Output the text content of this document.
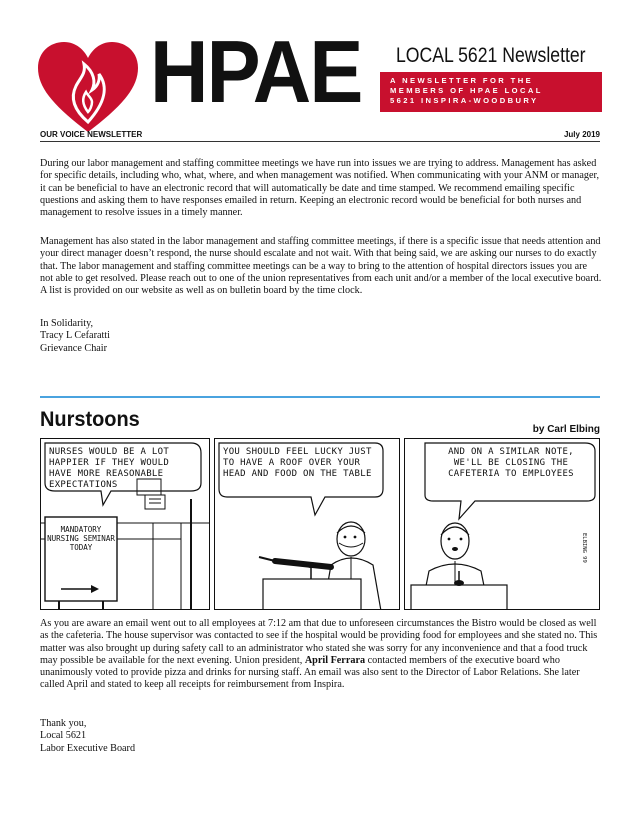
HPAE LOCAL 5621 Newsletter
A NEWSLETTER FOR THE
MEMBERS OF HPAE LOCAL
5621 INSPIRA-WOODBURY
OUR VOICE NEWSLETTER	July 2019

During our labor management and staffing committee meetings we have run into issues we are trying to address. Management has asked for specific details, including who, what, where, and when management was notified. When communicating with your ANM or manager, it can be beneficial to have an electronic record that will automatically be date and time stamped. We recommend emailing specific questions and asking them to have responses emailed in return. Keeping an electronic record would be beneficial for both nurses and management to resolve issues in a timely manner.

Management has also stated in the labor management and staffing committee meetings, if there is a specific issue that needs attention and your direct manager doesn’t respond, the nurse should escalate and not wait. With that being said, we are asking our nurses to do exactly that. The labor management and staffing committee meetings can be a way to bring to the attention of hospital directors issues you are not able to get resolved. Please reach out to one of the union representatives from each unit and/or a member of the local executive board. A list is provided on our website as well as on bulletin board by the time clock.

In Solidarity,
Tracy L Cefaratti
Grievance Chair
Nurstoons	by Carl Elbing
NURSES WOULD BE A LOT HAPPIER IF THEY WOULD HAVE MORE REASONABLE EXPECTATIONS
MANDATORY NURSING SEMINAR TODAY
YOU SHOULD FEEL LUCKY JUST TO HAVE A ROOF OVER YOUR HEAD AND FOOD ON THE TABLE
AND ON A SIMILAR NOTE, WE'LL BE CLOSING THE CAFETERIA TO EMPLOYEES
ELBING 99

As you are aware an email went out to all employees at 7:12 am that due to unforeseen circumstances the Bistro would be closed as well as the cafeteria. The house supervisor was contacted to see if the hospital would be providing food for employees and she stated no. This matter was also brought up during safety call to an administrator who stated she was sorry for any inconvenience and that a food truck may possible be available for the next evening. Union president, April Ferrara contacted members of the executive board who unanimously voted to provide pizza and drinks for nursing staff. An email was also sent to the Director of Labor Relations. She later called April and stated to keep all receipts for reimbursement from Inspira.

Thank you,
Local 5621
Labor Executive Board
